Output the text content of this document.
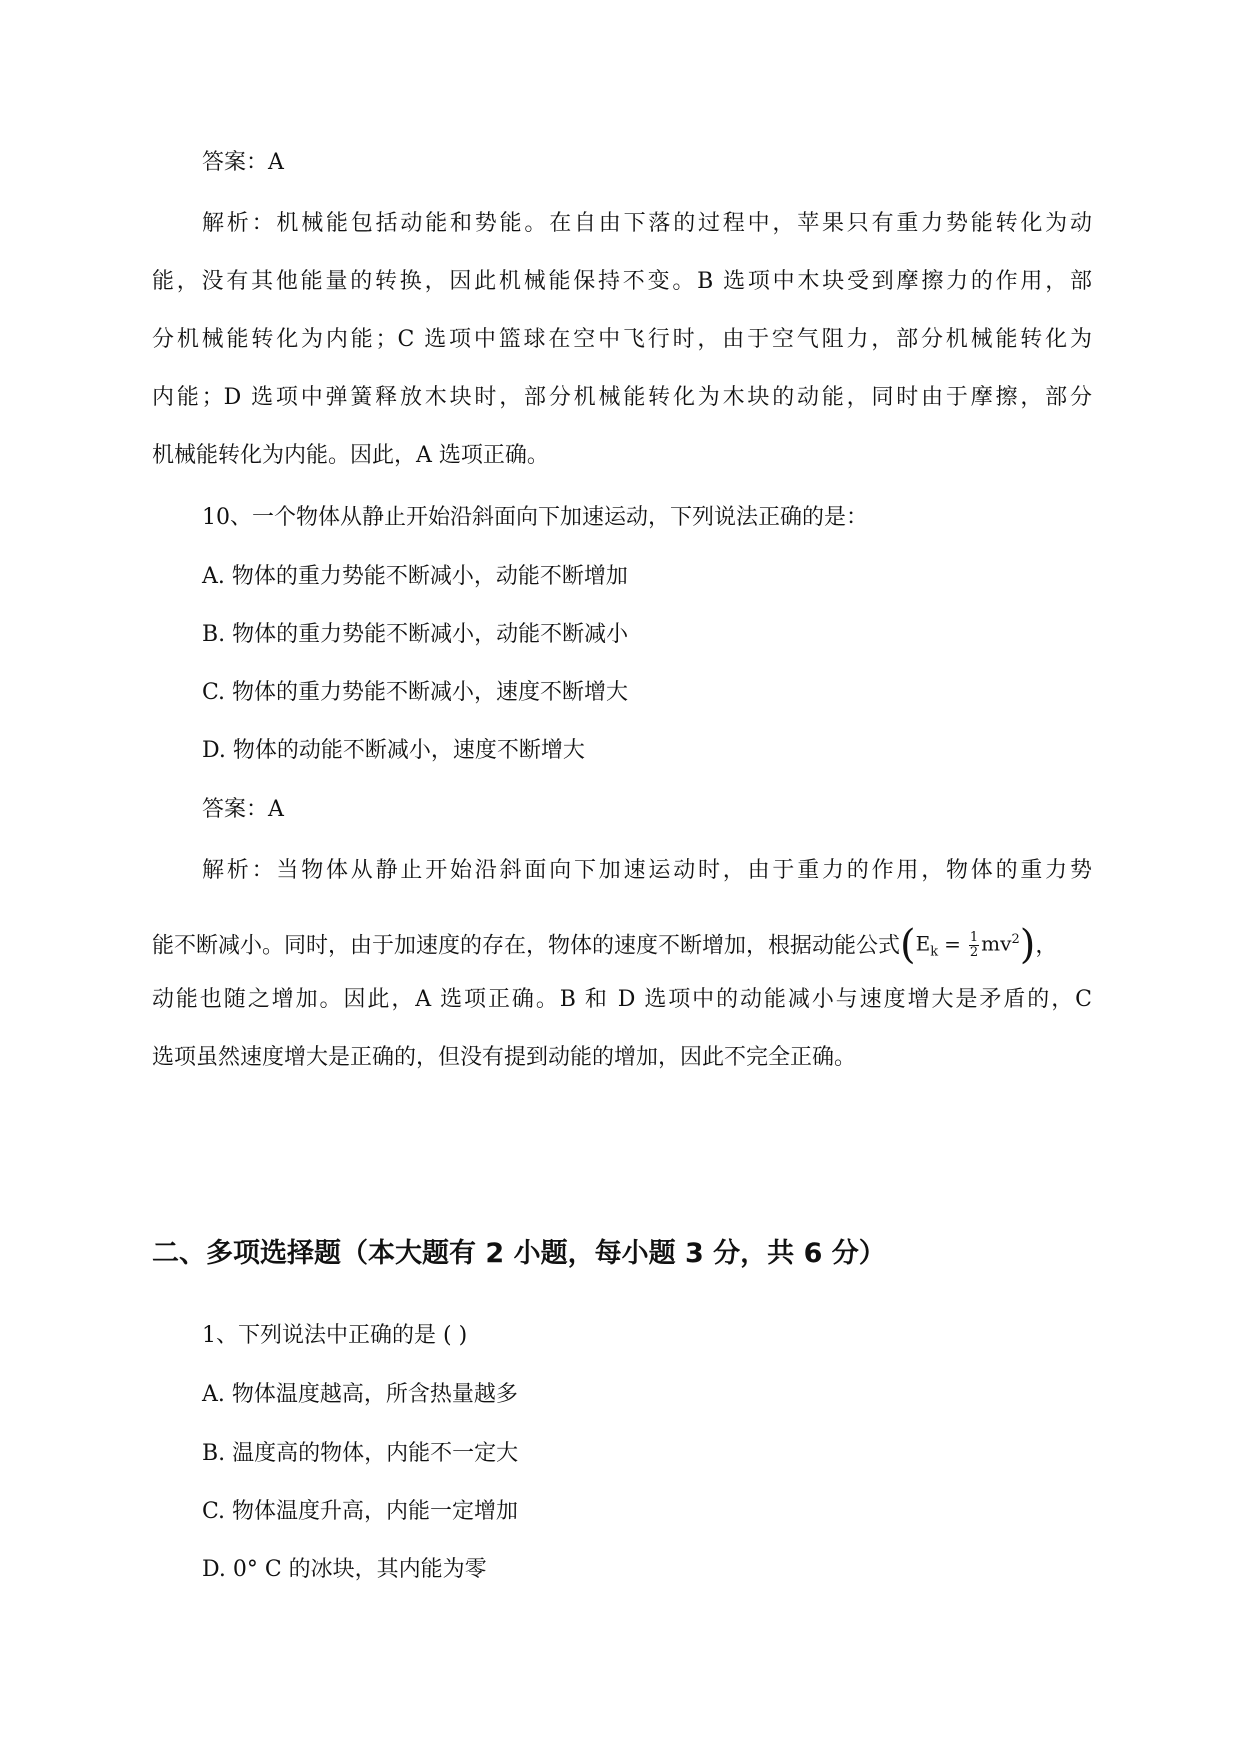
答案：A
解析：机械能包括动能和势能。在自由下落的过程中，苹果只有重力势能转化为动
能，没有其他能量的转换，因此机械能保持不变。B 选项中木块受到摩擦力的作用，部
分机械能转化为内能；C 选项中篮球在空中飞行时，由于空气阻力，部分机械能转化为
内能；D 选项中弹簧释放木块时，部分机械能转化为木块的动能，同时由于摩擦，部分
机械能转化为内能。因此，A 选项正确。
10、一个物体从静止开始沿斜面向下加速运动，下列说法正确的是：
A. 物体的重力势能不断减小，动能不断增加
B. 物体的重力势能不断减小，动能不断减小
C. 物体的重力势能不断减小，速度不断增大
D. 物体的动能不断减小，速度不断增大
答案：A
解析：当物体从静止开始沿斜面向下加速运动时，由于重力的作用，物体的重力势
能不断减小。同时，由于加速度的存在，物体的速度不断增加，根据动能公式$(E_k = \frac{1}{2} mv^2)$，
动能也随之增加。因此，A 选项正确。B 和 D 选项中的动能减小与速度增大是矛盾的，C
选项虽然速度增大是正确的，但没有提到动能的增加，因此不完全正确。
二、多项选择题（本大题有 2 小题，每小题 3 分，共 6 分）
1、下列说法中正确的是 ( )
A. 物体温度越高，所含热量越多
B. 温度高的物体，内能不一定大
C. 物体温度升高，内能一定增加
D. 0° C 的冰块，其内能为零
